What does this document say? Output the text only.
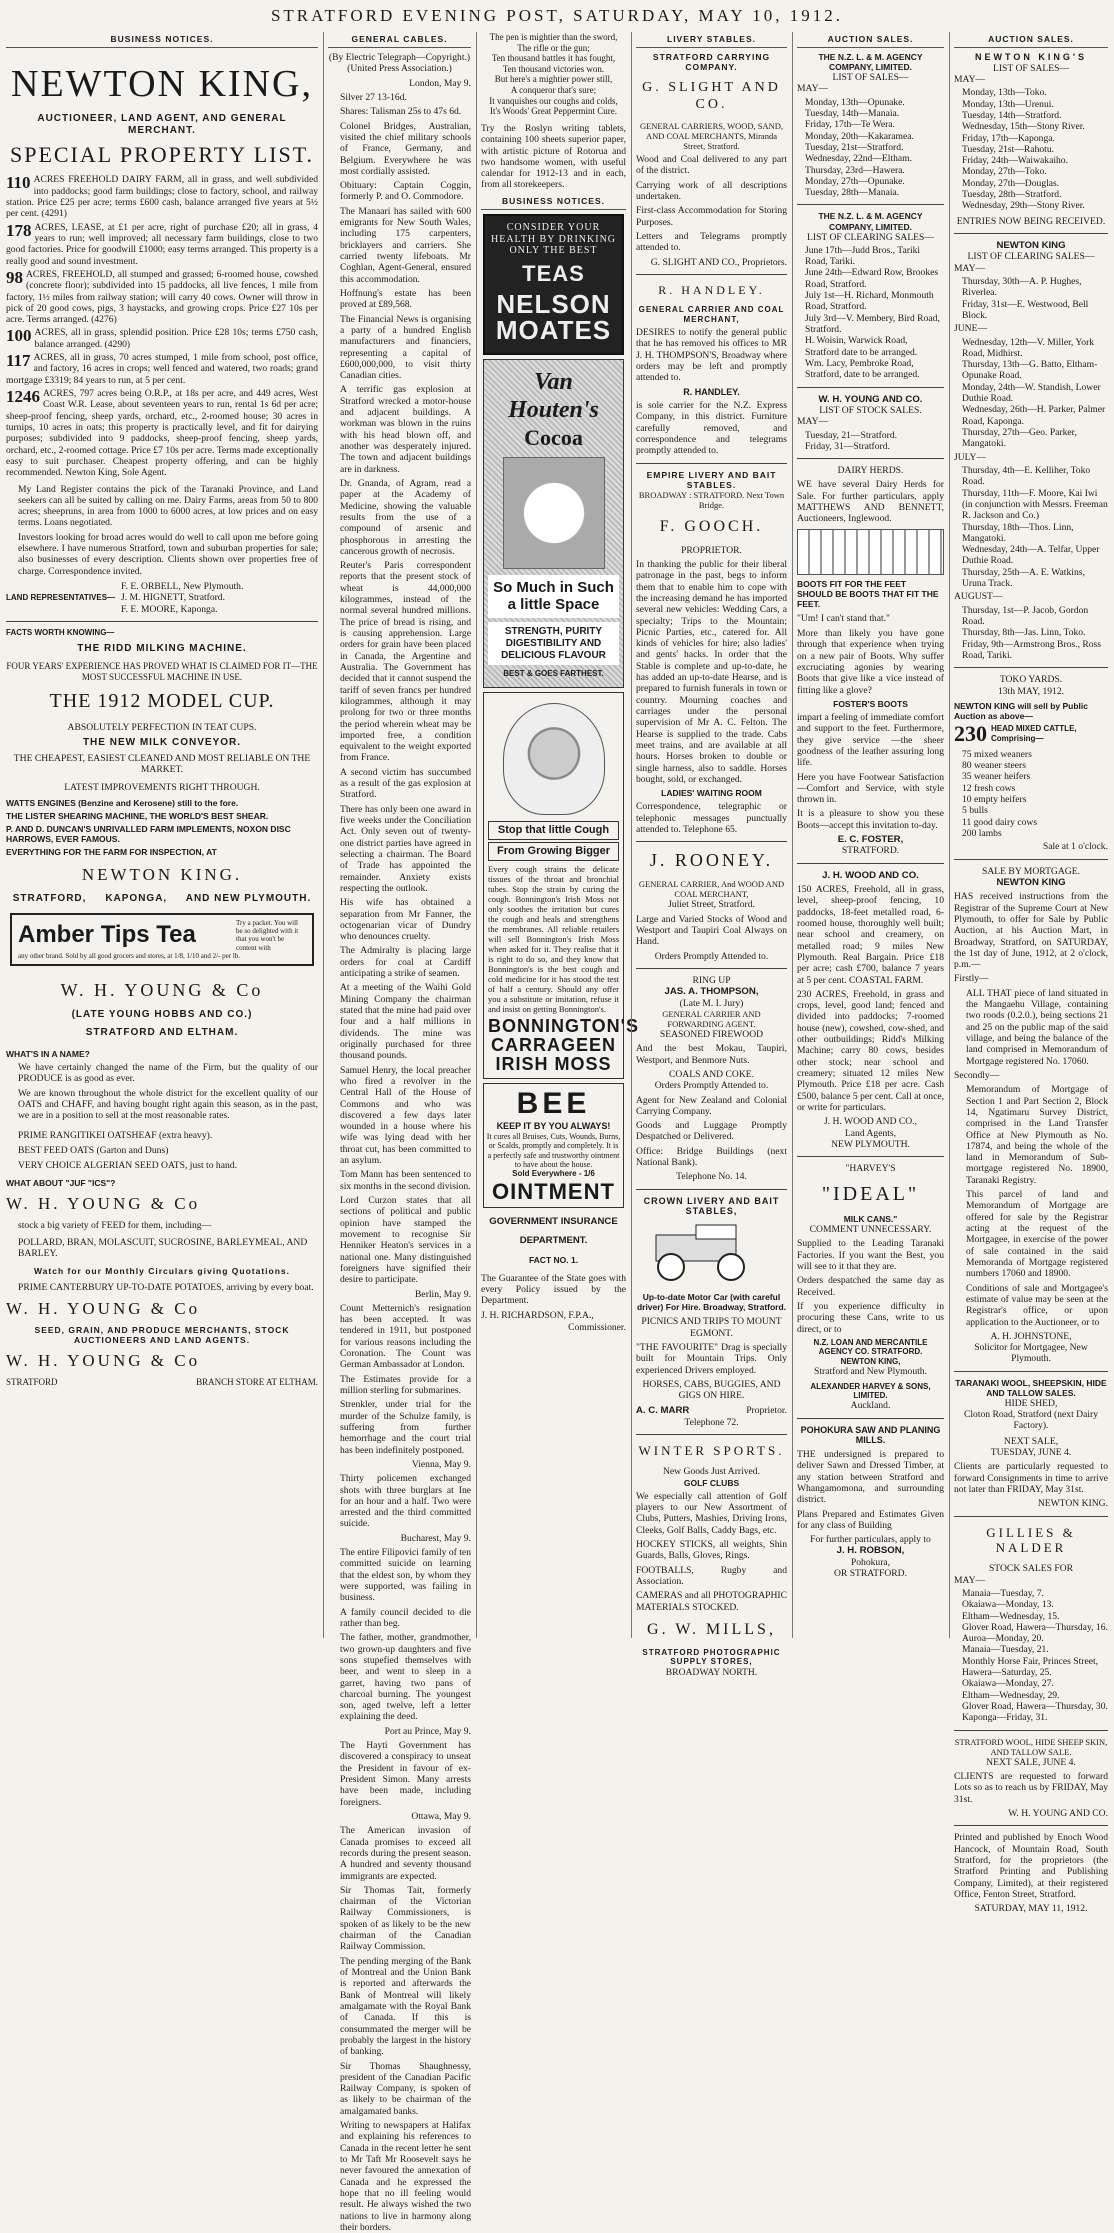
STRATFORD EVENING POST, SATURDAY, MAY 10, 1912.
BUSINESS NOTICES.
NEWTON KING,
AUCTIONEER, LAND AGENT, AND GENERAL MERCHANT.
SPECIAL PROPERTY LIST.
110 ACRES FREEHOLD DAIRY FARM, all in grass, and well subdivided into paddocks; good farm buildings; close to factory, school, and railway station. Price £25 per acre; terms £600 cash, balance arranged five years at 5½ per cent. (4291)
178 ACRES, LEASE, at £1 per acre, right of purchase £20; all in grass, 4 years to run; well improved; all necessary farm buildings, close to two good factories. Price for goodwill £1000; easy terms arranged. This property is a really good and sound investment.
98 ACRES, FREEHOLD, all stumped and grassed; 6-roomed house, cowshed (concrete floor); subdivided into 15 paddocks, all live fences, 1 mile from factory, 1½ miles from railway station; will carry 40 cows. Owner will throw in pick of 20 good cows, pigs, 3 haystacks, and growing crops. Price £27 10s per acre. Terms arranged. (4276)
100 ACRES, all in grass, splendid position. Price £28 10s; terms £750 cash, balance arranged. (4290)
117 ACRES, all in grass, 70 acres stumped, 1 mile from school, post office, and factory, 16 acres in crops; well fenced and watered, two roads; grand mortgage £3319; 84 years to run, at 5 per cent.
1246 ACRES, 797 acres being O.R.P., at 18s per acre, and 449 acres, West Coast W.R. Lease, about seventeen years to run, rental 1s 6d per acre; sheep-proof fencing, sheep yards, orchard, etc., 2-roomed house; 30 acres in turnips, 10 acres in oats; this property is practically level, and fit for dairying purposes; subdivided into 9 paddocks, sheep-proof fencing, sheep yards, orchard, etc., 2-roomed cottage. Price £7 10s per acre. Terms made exceptionally easy to suit purchaser. Cheapest property offering, and can be highly recommended. Newton King, Sole Agent.

My Land Register contains the pick of the Taranaki Province, and Land seekers can all be suited by calling on me. Dairy Farms, areas from 50 to 800 acres; sheepruns, in area from 1000 to 6000 acres, at low prices and on easy terms. Loans negotiated.

Investors looking for broad acres would do well to call upon me before going elsewhere. I have numerous Stratford, town and suburban properties for sale; also businesses of every description. Clients shown over properties free of charge. Correspondence invited.

LAND REPRESENTATIVES—
F. E. ORBELL, New Plymouth.
J. M. HIGNETT, Stratford.
F. E. MOORE, Kaponga.
FACTS WORTH KNOWING—
THE RIDD MILKING MACHINE.
FOUR YEARS' EXPERIENCE HAS PROVED WHAT IS CLAIMED FOR IT—THE MOST SUCCESSFUL MACHINE IN USE.
THE 1912 MODEL CUP.
ABSOLUTELY PERFECTION IN TEAT CUPS.
THE NEW MILK CONVEYOR.
THE CHEAPEST, EASIEST CLEANED AND MOST RELIABLE ON THE MARKET.
LATEST IMPROVEMENTS RIGHT THROUGH.
WATTS ENGINES (Benzine and Kerosene) still to the fore.
THE LISTER SHEARING MACHINE, THE WORLD'S BEST SHEAR.
P. AND D. DUNCAN'S UNRIVALLED FARM IMPLEMENTS, NOXON DISC HARROWS, EVER FAMOUS.
EVERYTHING FOR THE FARM FOR INSPECTION, AT
NEWTON KING.
STRATFORD,     KAPONGA,     AND NEW PLYMOUTH.
Amber Tips Tea	Try a packet. You will be so delighted with it that you won't be content with
any other brand. Sold by all good grocers and stores, at 1/8, 1/10 and 2/- per lb.
W. H. YOUNG & Co
(LATE YOUNG HOBBS AND CO.)
STRATFORD AND ELTHAM.
WHAT'S IN A NAME?

We have certainly changed the name of the Firm, but the quality of our PRODUCE is as good as ever.

We are known throughout the whole district for the excellent quality of our OATS and CHAFF, and having bought right again this season, as in the past, we are in a position to sell at the most reasonable rates.

PRIME RANGITIKEI OATSHEAF (extra heavy).
BEST FEED OATS (Garton and Duns)
VERY CHOICE ALGERIAN SEED OATS, just to hand.
WHAT ABOUT "JUF "ICS"?
W. H. YOUNG & Co
stock a big variety of FEED for them, including—
POLLARD, BRAN, MOLASCUIT, SUCROSINE, BARLEYMEAL, AND BARLEY.
Watch for our Monthly Circulars giving Quotations.
PRIME CANTERBURY UP-TO-DATE POTATOES, arriving by every boat.
W. H. YOUNG & Co
SEED, GRAIN, AND PRODUCE MERCHANTS, STOCK AUCTIONEERS AND LAND AGENTS.
W. H. YOUNG & Co
STRATFORD	BRANCH STORE AT ELTHAM.
GENERAL CABLES.
(By Electric Telegraph—Copyright.) (United Press Association.)
London, May 9.

Silver 27 13-16d.

Shares: Talisman 25s to 47s 6d.

Colonel Bridges, Australian, visited the chief military schools of France, Germany, and Belgium. Everywhere he was most cordially assisted.

Obituary: Captain Coggin, formerly P. and O. Commodore.

The Manaari has sailed with 600 emigrants for New South Wales, including 175 carpenters, bricklayers and carriers. She carried twenty lifeboats. Mr Coghlan, Agent-General, ensured this accommodation.

Hoffnung's estate has been proved at £89,568.

The Financial News is organising a party of a hundred English manufacturers and financiers, representing a capital of £600,000,000, to visit thirty Canadian cities.

A terrific gas explosion at Stratford wrecked a motor-house and adjacent buildings. A workman was blown in the ruins with his head blown off, and another was desperately injured. The town and adjacent buildings are in darkness.

Dr. Gnanda, of Agram, read a paper at the Academy of Medicine, showing the valuable results from the use of a compound of arsenic and phosphorous in arresting the cancerous growth of necrosis.

Reuter's Paris correspondent reports that the present stock of wheat is 44,000,000 kilogrammes, instead of the normal several hundred millions. The price of bread is rising, and is causing apprehension. Large orders for grain have been placed in Canada, the Argentine and Australia. The Government has decided that it cannot suspend the tariff of seven francs per hundred kilogrammes, although it may prolong for two or three months the period wherein wheat may be imported free, a condition equivalent to the weight exported from France.

A second victim has succumbed as a result of the gas explosion at Stratford.

There has only been one award in five weeks under the Conciliation Act. Only seven out of twenty-one district parties have agreed in selecting a chairman. The Board of Trade has appointed the remainder. Anxiety exists respecting the outlook.

His wife has obtained a separation from Mr Fanner, the octogenarian vicar of Dundry who denounces cruelty.

The Admiralty is placing large orders for coal at Cardiff anticipating a strike of seamen.

At a meeting of the Waihi Gold Mining Company the chairman stated that the mine had paid over four and a half millions in dividends. The mine was originally purchased for three thousand pounds.

Samuel Henry, the local preacher who fired a revolver in the Central Hall of the House of Commons and who was discovered a few days later wounded in a house where his wife was lying dead with her throat cut, has been committed to an asylum.

Tom Mann has been sentenced to six months in the second division.

Lord Curzon states that all sections of political and public opinion have stamped the movement to recognise Sir Henniker Heaton's services in a national one. Many distinguished foreigners have signified their desire to participate.

Berlin, May 9.

Count Metternich's resignation has been accepted. It was tendered in 1911, but postponed for various reasons including the Coronation. The Count was German Ambassador at London.

The Estimates provide for a million sterling for submarines.

Strenkler, under trial for the murder of the Schulze family, is suffering from further hemorrhage and the court trial has been indefinitely postponed.

Vienna, May 9.

Thirty policemen exchanged shots with three burglars at Ine for an hour and a half. Two were arrested and the third committed suicide.

Bucharest, May 9.

The entire Filipovici family of ten committed suicide on learning that the eldest son, by whom they were supported, was failing in business.

A family council decided to die rather than beg.

The father, mother, grandmother, two grown-up daughters and five sons stupefied themselves with beer, and went to sleep in a garret, having two pans of charcoal burning. The youngest son, aged twelve, left a letter explaining the deed.

Port au Prince, May 9.

The Hayti Government has discovered a conspiracy to unseat the President in favour of ex-President Simon. Many arrests have been made, including foreigners.

Ottawa, May 9.

The American invasion of Canada promises to exceed all records during the present season. A hundred and seventy thousand immigrants are expected.

Sir Thomas Tait, formerly chairman of the Victorian Railway Commissioners, is spoken of as likely to be the new chairman of the Canadian Railway Commission.

The pending merging of the Bank of Montreal and the Union Bank is reported and afterwards the Bank of Montreal will likely amalgamate with the Royal Bank of Canada. If this is consummated the merger will be probably the largest in the history of banking.

Sir Thomas Shaughnessy, president of the Canadian Pacific Railway Company, is spoken of as likely to be chairman of the amalgamated banks.

Writing to newspapers at Halifax and explaining his references to Canada in the recent letter he sent to Mr Taft Mr Roosevelt says he never favoured the annexation of Canada and he expressed the hope that no ill feeling would result. He always wished the two nations to live in harmony along their borders.

The pen is mightier than the sword,
The rifle or the gun;
Ten thousand battles it has fought,
Ten thousand victories won.
But here's a mightier power still,
A conqueror that's sure;
It vanquishes our coughs and colds,
It's Woods' Great Peppermint Cure.

Try the Roslyn writing tablets, containing 100 sheets superior paper, with artistic picture of Rotorua and two handsome women, with useful calendar for 1912-13 and in each, from all storekeepers.

BUSINESS NOTICES.
CONSIDER YOUR HEALTH BY DRINKING ONLY THE BEST
TEAS
NELSON MOATES
Van Houten's
Cocoa
So Much in Such a little Space
STRENGTH, PURITY DIGESTIBILITY AND DELICIOUS FLAVOUR
BEST & GOES FARTHEST.
Stop that little Cough
From Growing Bigger

Every cough strains the delicate tissues of the throat and bronchial tubes. Stop the strain by curing the cough. Bonnington's Irish Moss not only soothes the irritation but cures the cough and heals and strengthens the membranes. All reliable retailers will sell Bonnington's Irish Moss when asked for it. They realise that it is right to do so, and they know that Bonnington's is the best cough and cold medicine for it has stood the test of half a century. Should any offer you a substitute or imitation, refuse it and insist on getting Bonnington's.

BONNINGTON'S CARRAGEEN IRISH MOSS
BEE
KEEP IT BY YOU ALWAYS!
It cures all Bruises, Cuts, Wounds, Burns, or Scalds, promptly and completely. It is a perfectly safe and trustworthy ointment to have about the house.
Sold Everywhere - 1/6
OINTMENT
GOVERNMENT INSURANCE
DEPARTMENT.
FACT NO. 1.
The Guarantee of the State goes with every Policy issued by the Department.
J. H. RICHARDSON, F.P.A.,
Commissioner.
LIVERY STABLES.
STRATFORD CARRYING COMPANY.
G. SLIGHT AND CO.
GENERAL CARRIERS, WOOD, SAND, AND COAL MERCHANTS, Miranda Street, Stratford.
Wood and Coal delivered to any part of the district.
Carrying work of all descriptions undertaken.
First-class Accommodation for Storing Purposes.
Letters and Telegrams promptly attended to.
G. SLIGHT AND CO., Proprietors.
R. HANDLEY.
GENERAL CARRIER AND COAL MERCHANT,

DESIRES to notify the general public that he has removed his offices to MR J. H. THOMPSON'S, Broadway where orders may be left and promptly attended to.

R. HANDLEY.

is sole carrier for the N.Z. Express Company, in this district. Furniture carefully removed, and correspondence and telegrams promptly attended to.

EMPIRE LIVERY AND BAIT STABLES.
BROADWAY : STRATFORD. Next Town Bridge.
F. GOOCH.
PROPRIETOR.

In thanking the public for their liberal patronage in the past, begs to inform them that to enable him to cope with the increasing demand he has imported several new vehicles: Wedding Cars, a specialty; Trips to the Mountain; Picnic Parties, etc., catered for. All kinds of vehicles for hire; also ladies' and gents' hacks. In order that the Stable is complete and up-to-date, he has added an up-to-date Hearse, and is prepared to furnish funerals in town or country. Mourning coaches and carriages under the personal supervision of Mr A. C. Felton. The Hearse is supplied to the trade. Cabs meet trains, and are available at all hours. Horses broken to double or single harness, also to saddle. Horses bought, sold, or exchanged.

LADIES' WAITING ROOM

Correspondence, telegraphic or telephonic messages punctually attended to. Telephone 65.

J. ROONEY.
GENERAL CARRIER, And WOOD AND COAL MERCHANT,
Juliet Street, Stratford.

Large and Varied Stocks of Wood and Westport and Taupiri Coal Always on Hand.

Orders Promptly Attended to.
RING UP
JAS. A. THOMPSON,
(Late M. I. Jury)
GENERAL CARRIER AND FORWARDING AGENT.
SEASONED FIREWOOD
And the best Mokau, Taupiri, Westport, and Benmore Nuts.
COALS AND COKE.
Orders Promptly Attended to.
Agent for New Zealand and Colonial Carrying Company.
Goods and Luggage Promptly Despatched or Delivered.
Office: Bridge Buildings (next National Bank).
Telephone No. 14.
CROWN LIVERY AND BAIT STABLES,
Up-to-date Motor Car (with careful driver) For Hire. Broadway, Stratford.
PICNICS AND TRIPS TO MOUNT EGMONT.
"THE FAVOURITE" Drag is specially built for Mountain Trips. Only experienced Drivers employed.
HORSES, CABS, BUGGIES, AND GIGS ON HIRE.
A. C. MARR	Proprietor.
Telephone 72.
WINTER SPORTS.
New Goods Just Arrived.
GOLF CLUBS
We especially call attention of Golf players to our New Assortment of Clubs, Putters, Mashies, Driving Irons, Cleeks, Golf Balls, Caddy Bags, etc.
HOCKEY STICKS, all weights, Shin Guards, Balls, Gloves, Rings.
FOOTBALLS, Rugby and Association.
CAMERAS and all PHOTOGRAPHIC MATERIALS STOCKED.
G. W. MILLS,
STRATFORD PHOTOGRAPHIC SUPPLY STORES,
BROADWAY NORTH.
AUCTION SALES.
THE N.Z. L. & M. AGENCY COMPANY, LIMITED.
LIST OF SALES—
MAY—
Monday, 13th—Opunake.
Tuesday, 14th—Manaia.
Friday, 17th—Te Wera.
Monday, 20th—Kakaramea.
Tuesday, 21st—Stratford.
Wednesday, 22nd—Eltham.
Thursday, 23rd—Hawera.
Monday, 27th—Opunake.
Tuesday, 28th—Manaia.
THE N.Z. L. & M. AGENCY COMPANY, LIMITED.
LIST OF CLEARING SALES—
June 17th—Judd Bros., Tariki Road, Tariki.
June 24th—Edward Row, Brookes Road, Stratford.
July 1st—H. Richard, Monmouth Road, Stratford.
July 3rd—V. Membery, Bird Road, Stratford.
H. Woisin, Warwick Road, Stratford date to be arranged.
Wm. Lacy, Pembroke Road, Stratford, date to be arranged.
W. H. YOUNG AND CO.
LIST OF STOCK SALES.
MAY—
Tuesday, 21—Stratford.
Friday, 31—Stratford.
DAIRY HERDS.

WE have several Dairy Herds for Sale. For further particulars, apply MATTHEWS AND BENNETT, Auctioneers, Inglewood.

BOOTS FIT FOR THE FEET SHOULD BE BOOTS THAT FIT THE FEET.
"Um! I can't stand that."

More than likely you have gone through that experience when trying on a new pair of Boots. Why suffer excruciating agonies by wearing Boots that give like a vice instead of fitting like a glove?

FOSTER'S BOOTS

impart a feeling of immediate comfort and support to the feet. Furthermore, they give service —the sheer goodness of the leather assuring long life.

Here you have Footwear Satisfaction—Comfort and Service, with style thrown in.

It is a pleasure to show you these Boots—accept this invitation to-day.

E. C. FOSTER,
STRATFORD.
J. H. WOOD AND CO.

150 ACRES, Freehold, all in grass, level, sheep-proof fencing, 10 paddocks, 18-feet metalled road, 6-roomed house, thoroughly well built; near school and creamery, on metalled road; 9 miles New Plymouth. Real Bargain. Price £18 per acre; cash £700, balance 7 years at 5 per cent. COASTAL FARM.

230 ACRES, Freehold, in grass and crops, level, good land; fenced and divided into paddocks; 7-roomed house (new), cowshed, cow-shed, and other outbuildings; Ridd's Milking Machine; carry 80 cows, besides other stock; near school and creamery; situated 12 miles New Plymouth. Price £18 per acre. Cash £500, balance 5 per cent. Call at once, or write for particulars.

J. H. WOOD AND CO.,
Land Agents,
NEW PLYMOUTH.
"HARVEY'S
"IDEAL"
MILK CANS."
COMMENT UNNECESSARY.

Supplied to the Leading Taranaki Factories. If you want the Best, you will see to it that they are.

Orders despatched the same day as Received.

If you experience difficulty in procuring these Cans, write to us direct, or to

N.Z. LOAN AND MERCANTILE AGENCY CO. STRATFORD.
NEWTON KING,
Stratford and New Plymouth.
ALEXANDER HARVEY & SONS, LIMITED.
Auckland.
POHOKURA SAW AND PLANING MILLS.

THE undersigned is prepared to deliver Sawn and Dressed Timber, at any station between Stratford and Whangamomona, and surrounding district.

Plans Prepared and Estimates Given for any class of Building

For further particulars, apply to
J. H. ROBSON,
Pohokura,
OR STRATFORD.
AUCTION SALES.
NEWTON KING'S
LIST OF SALES—
MAY—
Monday, 13th—Toko.
Monday, 13th—Urenui.
Tuesday, 14th—Stratford.
Wednesday, 15th—Stony River.
Friday, 17th—Kaponga.
Tuesday, 21st—Rahotu.
Friday, 24th—Waiwakaiho.
Monday, 27th—Toko.
Monday, 27th—Douglas.
Tuesday, 28th—Stratford.
Wednesday, 29th—Stony River.
ENTRIES NOW BEING RECEIVED.
NEWTON KING
LIST OF CLEARING SALES—
MAY—
Thursday, 30th—A. P. Hughes, Riverlea.
Friday, 31st—E. Westwood, Bell Block.
JUNE—
Wednesday, 12th—V. Miller, York Road, Midhirst.
Thursday, 13th—G. Batto, Eltham-Opunake Road.
Monday, 24th—W. Standish, Lower Duthie Road.
Wednesday, 26th—H. Parker, Palmer Road, Kaponga.
Thursday, 27th—Geo. Parker, Mangatoki.
JULY—
Thursday, 4th—E. Kelliher, Toko Road.
Thursday, 11th—F. Moore, Kai Iwi (in conjunction with Messrs. Freeman R. Jackson and Co.)
Thursday, 18th—Thos. Linn, Mangatoki.
Wednesday, 24th—A. Telfar, Upper Duthie Road.
Thursday, 25th—A. E. Watkins, Uruna Track.
AUGUST—
Thursday, 1st—P. Jacob, Gordon Road.
Thursday, 8th—Jas. Linn, Toko.
Friday, 9th—Armstrong Bros., Ross Road, Tariki.
TOKO YARDS.
13th MAY, 1912.
NEWTON KING will sell by Public Auction as above—
230 HEAD MIXED CATTLE, Comprising—
75 mixed weaners
80 weaner steers
35 weaner heifers
12 fresh cows
10 empty heifers
5 bulls
11 good dairy cows
200 lambs
Sale at 1 o'clock.
SALE BY MORTGAGE.
NEWTON KING

HAS received instructions from the Registrar of the Supreme Court at New Plymouth, to offer for Sale by Public Auction, at his Auction Mart, in Broadway, Stratford, on SATURDAY, the 1st day of June, 1912, at 2 o'clock, p.m.—

Firstly—

ALL THAT piece of land situated in the Mangaehu Village, containing two roods (0.2.0.), being sections 21 and 25 on the public map of the said village, and being the balance of the land comprised in Memorandum of Mortgage registered No. 17060.

Secondly—

Memorandum of Mortgage of Section 1 and Part Section 2, Block 14, Ngatimaru Survey District, comprised in the Land Transfer Office at New Plymouth as No. 17874, and being the whole of the land in Memorandum of Sub-mortgage registered No. 18900, Taranaki Registry.

This parcel of land and Memorandum of Mortgage are offered for sale by the Registrar acting at the request of the Mortgagee, in exercise of the power of sale contained in the said Memoranda of Mortgage registered numbers 17060 and 18900.

Conditions of sale and Mortgagee's estimate of value may be seen at the Registrar's office, or upon application to the Auctioneer, or to

A. H. JOHNSTONE,
Solicitor for Mortgagee, New Plymouth.
TARANAKI WOOL, SHEEPSKIN, HIDE AND TALLOW SALES.
HIDE SHED,
Cloton Road, Stratford (next Dairy Factory).
NEXT SALE,
TUESDAY, JUNE 4.

Clients are particularly requested to forward Consignments in time to arrive not later than FRIDAY, May 31st.

NEWTON KING.
GILLIES & NALDER
STOCK SALES FOR
MAY—
Manaia—Tuesday, 7.
Okaiawa—Monday, 13.
Eltham—Wednesday, 15.
Glover Road, Hawera—Thursday, 16.
Auroa—Monday, 20.
Manaia—Tuesday, 21.
Monthly Horse Fair, Princes Street, Hawera—Saturday, 25.
Okaiawa—Monday, 27.
Eltham—Wednesday, 29.
Glover Road, Hawera—Thursday, 30.
Kaponga—Friday, 31.
STRATFORD WOOL, HIDE SHEEP SKIN, AND TALLOW SALE.
NEXT SALE, JUNE 4.

CLIENTS are requested to forward Lots so as to reach us by FRIDAY, May 31st.

W. H. YOUNG AND CO.

Printed and published by Enoch Wood Hancock, of Mountain Road, South Stratford, for the proprietors (the Stratford Printing and Publishing Company, Limited), at their registered Office, Fenton Street, Stratford.

SATURDAY, MAY 11, 1912.
